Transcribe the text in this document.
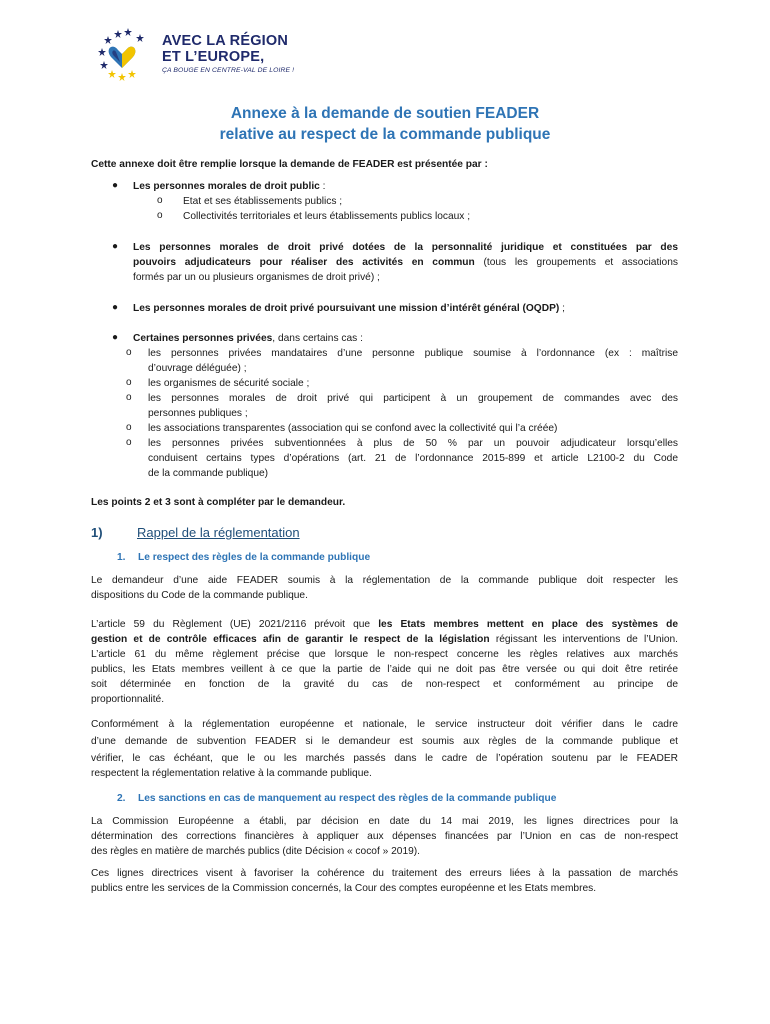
AVEC LA RÉGION
ET L’EUROPE,
ÇA BOUGE EN CENTRE-VAL DE LOIRE !
Annexe à la demande de soutien FEADER
relative au respect de la commande publique
Cette annexe doit être remplie lorsque la demande de FEADER est présentée par :
● Les personnes morales de droit public :
o Etat et ses établissements publics ;
o Collectivités territoriales et leurs établissements publics locaux ;
● Les personnes morales de droit privé dotées de la personnalité juridique et constituées par des
pouvoirs adjudicateurs pour réaliser des activités en commun (tous les groupements et associations
formés par un ou plusieurs organismes de droit privé) ;
● Les personnes morales de droit privé poursuivant une mission d’intérêt général (OQDP) ;
● Certaines personnes privées, dans certains cas :
o les personnes privées mandataires d’une personne publique soumise à l’ordonnance (ex : maîtrise
d’ouvrage déléguée) ;
o les organismes de sécurité sociale ;
o les personnes morales de droit privé qui participent à un groupement de commandes avec des
personnes publiques ;
o les associations transparentes (association qui se confond avec la collectivité qui l’a créée)
o les personnes privées subventionnées à plus de 50 % par un pouvoir adjudicateur lorsqu’elles
conduisent certains types d’opérations (art. 21 de l’ordonnance 2015-899 et article L2100-2 du Code
de la commande publique)
Les points 2 et 3 sont à compléter par le demandeur.
1)	Rappel de la réglementation
1. Le respect des règles de la commande publique
Le demandeur d’une aide FEADER soumis à la réglementation de la commande publique doit respecter les
dispositions du Code de la commande publique.
L’article 59 du Règlement (UE) 2021/2116 prévoit que les Etats membres mettent en place des systèmes de
gestion et de contrôle efficaces afin de garantir le respect de la législation régissant les interventions de l’Union.
L’article 61 du même règlement précise que lorsque le non-respect concerne les règles relatives aux marchés
publics, les Etats membres veillent à ce que la partie de l’aide qui ne doit pas être versée ou qui doit être retirée
soit déterminée en fonction de la gravité du cas de non-respect et conformément au principe de
proportionnalité.
Conformément à la réglementation européenne et nationale, le service instructeur doit vérifier dans le cadre
d’une demande de subvention FEADER si le demandeur est soumis aux règles de la commande publique et
vérifier, le cas échéant, que le ou les marchés passés dans le cadre de l’opération soutenu par le FEADER
respectent la réglementation relative à la commande publique.
2. Les sanctions en cas de manquement au respect des règles de la commande publique
La Commission Européenne a établi, par décision en date du 14 mai 2019, les lignes directrices pour la
détermination des corrections financières à appliquer aux dépenses financées par l’Union en cas de non-respect
des règles en matière de marchés publics (dite Décision « cocof » 2019).
Ces lignes directrices visent à favoriser la cohérence du traitement des erreurs liées à la passation de marchés
publics entre les services de la Commission concernés, la Cour des comptes européenne et les Etats membres.
